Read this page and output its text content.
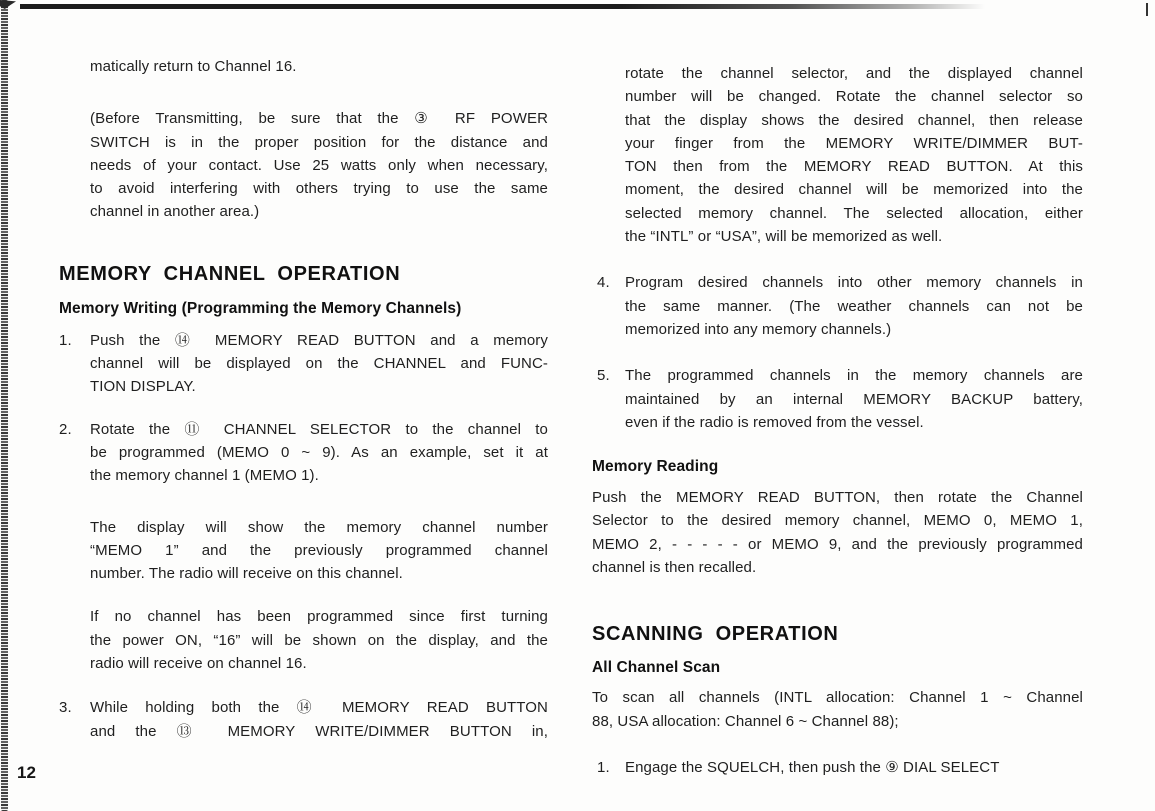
matically return to Channel 16.
(Before Transmitting, be sure that the ③ RF POWER
SWITCH is in the proper position for the distance and
needs of your contact. Use 25 watts only when necessary,
to avoid interfering with others trying to use the same
channel in another area.)
MEMORY CHANNEL OPERATION
Memory Writing (Programming the Memory Channels)
1.	Push the ⑭ MEMORY READ BUTTON and a memory
channel will be displayed on the CHANNEL and FUNC-
TION DISPLAY.
2.	Rotate the ⑪ CHANNEL SELECTOR to the channel to
be programmed (MEMO 0 ~ 9). As an example, set it at
the memory channel 1 (MEMO 1).
The display will show the memory channel number
“MEMO 1” and the previously programmed channel
number. The radio will receive on this channel.
If no channel has been programmed since first turning
the power ON, “16” will be shown on the display, and the
radio will receive on channel 16.
3.	While holding both the ⑭ MEMORY READ BUTTON
and the ⑬ MEMORY WRITE/DIMMER BUTTON in,
rotate the channel selector, and the displayed channel
number will be changed. Rotate the channel selector so
that the display shows the desired channel, then release
your finger from the MEMORY WRITE/DIMMER BUT-
TON then from the MEMORY READ BUTTON. At this
moment, the desired channel will be memorized into the
selected memory channel. The selected allocation, either
the “INTL” or “USA”, will be memorized as well.
4.	Program desired channels into other memory channels in
the same manner. (The weather channels can not be
memorized into any memory channels.)
5.	The programmed channels in the memory channels are
maintained by an internal MEMORY BACKUP battery,
even if the radio is removed from the vessel.
Memory Reading
Push the MEMORY READ BUTTON, then rotate the Channel
Selector to the desired memory channel, MEMO 0, MEMO 1,
MEMO 2, - - - - - or MEMO 9, and the previously programmed
channel is then recalled.
SCANNING OPERATION
All Channel Scan
To scan all channels (INTL allocation: Channel 1 ~ Channel
88, USA allocation: Channel 6 ~ Channel 88);
1.	Engage the SQUELCH, then push the ⑨ DIAL SELECT
12
